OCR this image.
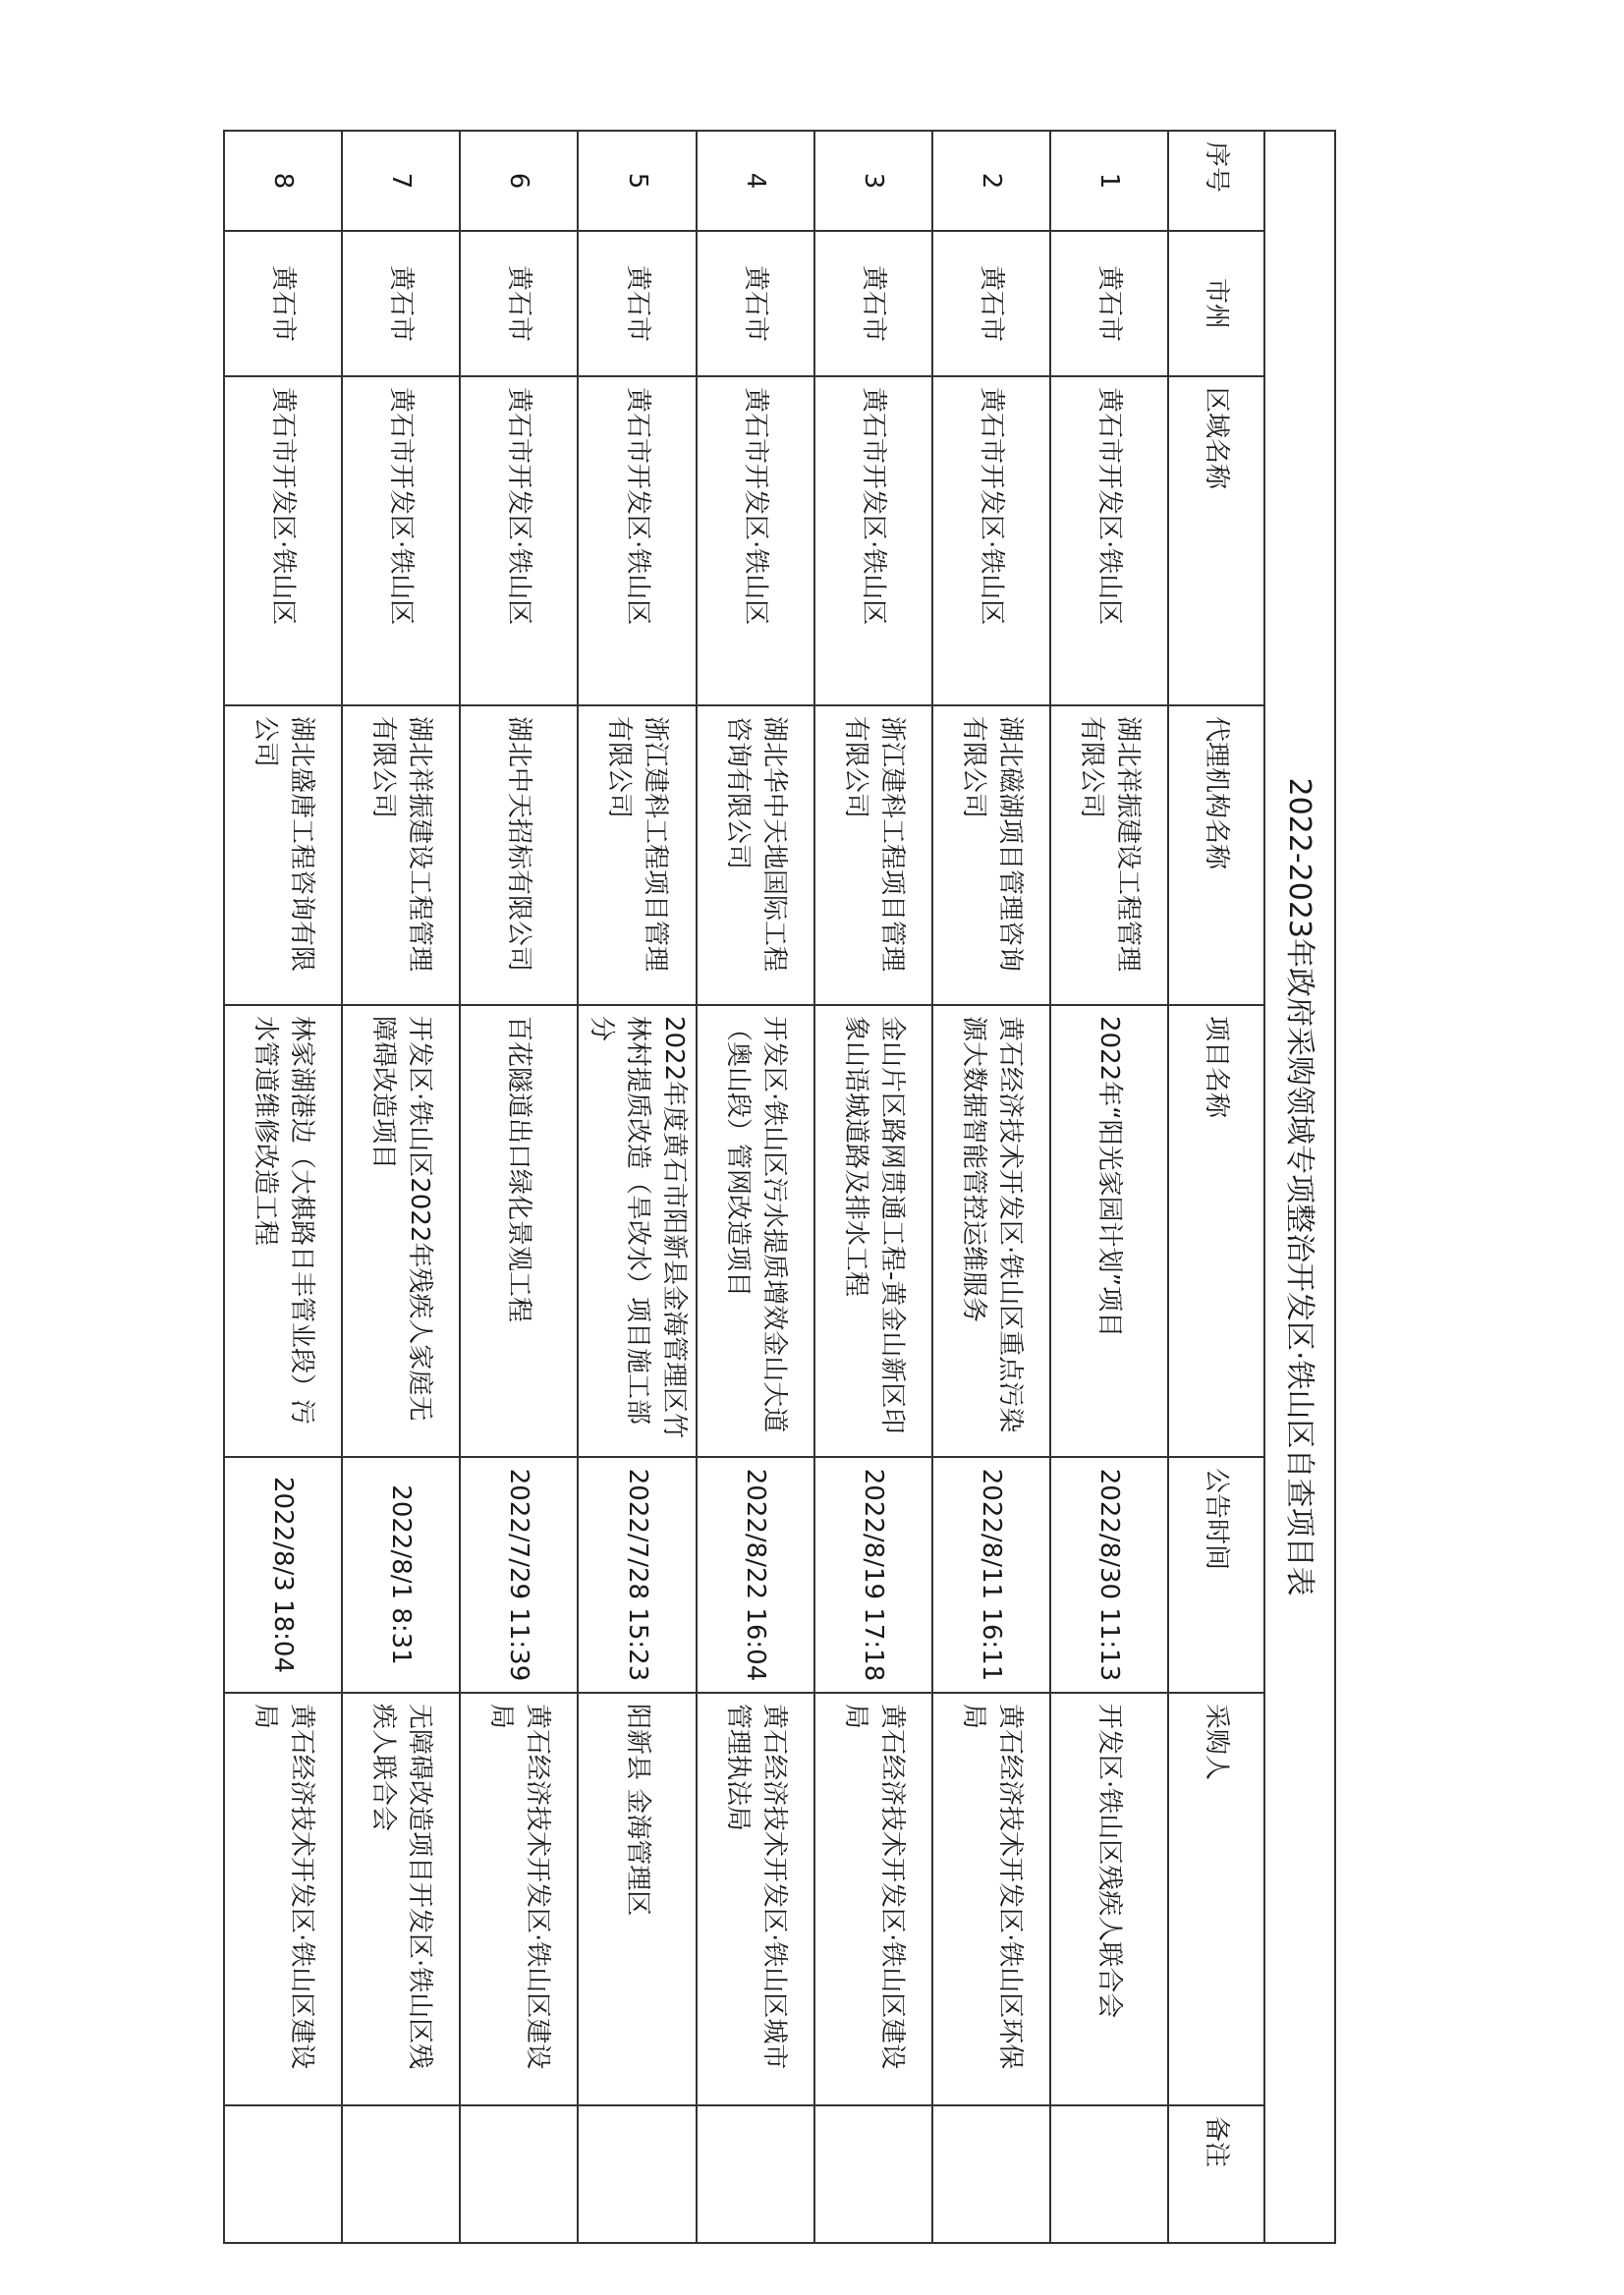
2022-2023年政府采购领域专项整治开发区·铁山区自查项目表							
序号	市州	区域名称	代理机构名称	项目名称	公告时间	采购人	备注
1	黄石市	黄石市开发区·铁山区	湖北祥振建设工程管理有限公司	2022年“阳光家园计划”项目	2022/8/30 11:13	开发区·铁山区残疾人联合会	
2	黄石市	黄石市开发区·铁山区	湖北磁湖项目管理咨询有限公司	黄石经济技术开发区·铁山区重点污染源大数据智能管控运维服务	2022/8/11 16:11	黄石经济技术开发区·铁山区环保局	
3	黄石市	黄石市开发区·铁山区	浙江建科工程项目管理有限公司	金山片区路网贯通工程-黄金山新区印象山语城道路及排水工程	2022/8/19 17:18	黄石经济技术开发区·铁山区建设局	
4	黄石市	黄石市开发区·铁山区	湖北华中天地国际工程咨询有限公司	开发区·铁山区污水提质增效金山大道（奥山段）管网改造项目	2022/8/22 16:04	黄石经济技术开发区·铁山区城市管理执法局	
5	黄石市	黄石市开发区·铁山区	浙江建科工程项目管理有限公司	2022年度黄石市阳新县金海管理区竹林村提质改造（旱改水）项目施工部分	2022/7/28 15:23	阳新县 金海管理区	
6	黄石市	黄石市开发区·铁山区	湖北中天招标有限公司	百花隧道出口绿化景观工程	2022/7/29 11:39	黄石经济技术开发区·铁山区建设局	
7	黄石市	黄石市开发区·铁山区	湖北祥振建设工程管理有限公司	开发区·铁山区2022年残疾人家庭无障碍改造项目	2022/8/1 8:31	无障碍改造项目开发区·铁山区残疾人联合会	
8	黄石市	黄石市开发区·铁山区	湖北盛唐工程咨询有限公司	林家湖港边（大棋路日丰管业段）污水管道维修改造工程	2022/8/3 18:04	黄石经济技术开发区·铁山区建设局	
